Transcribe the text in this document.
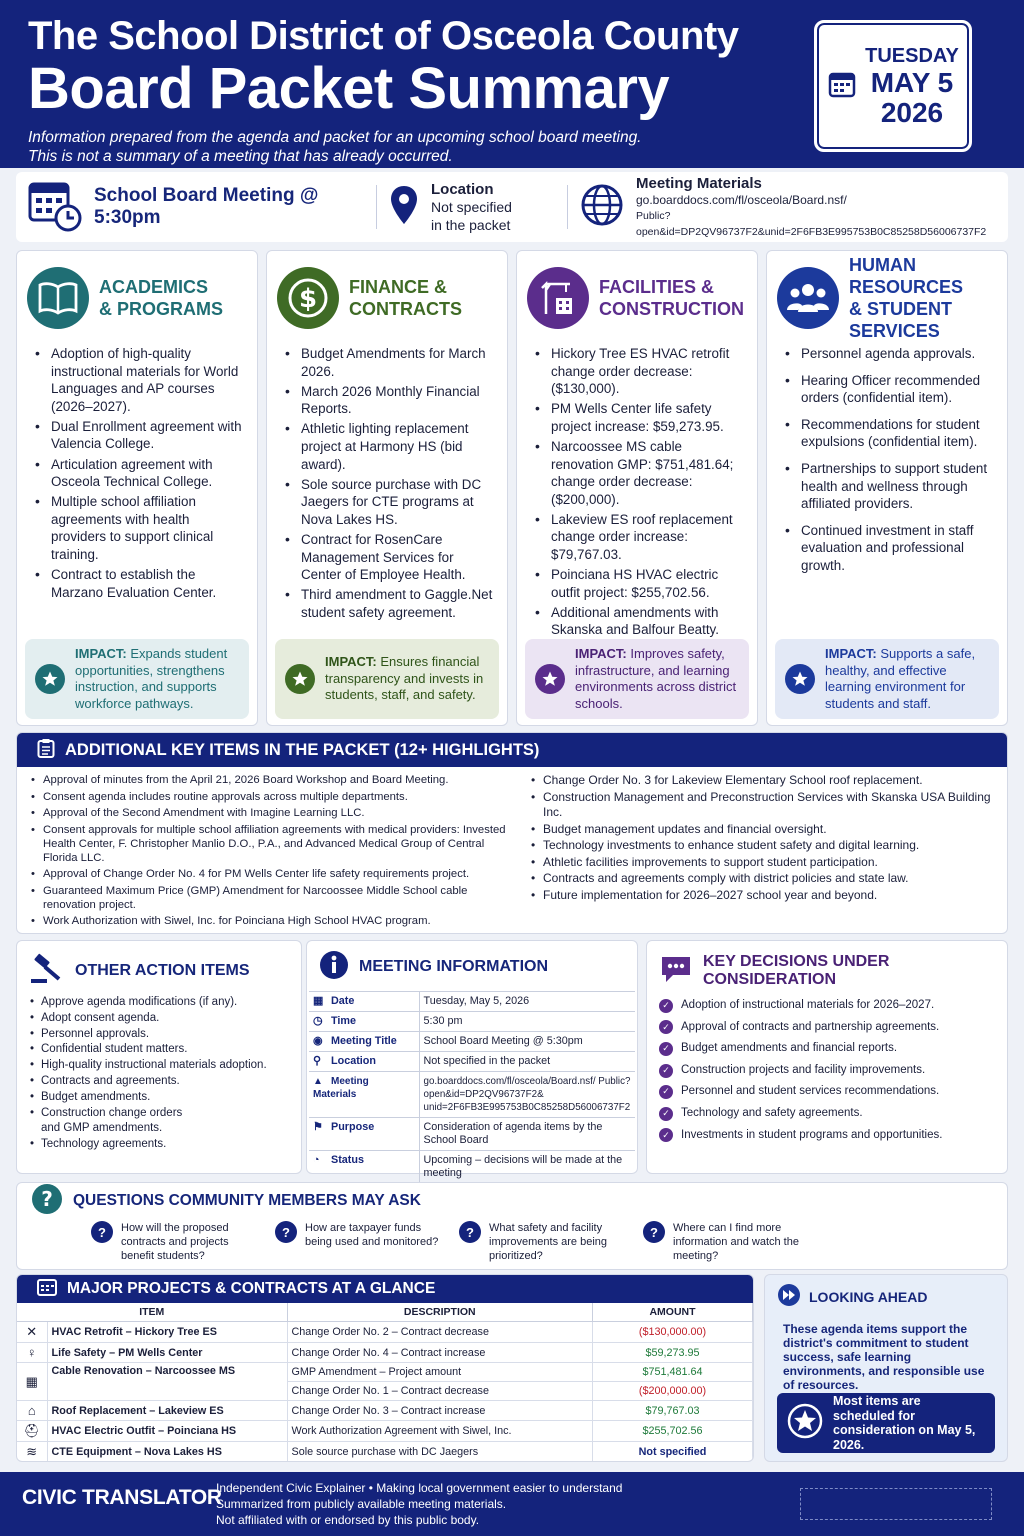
The School District of Osceola County
Board Packet Summary
Information prepared from the agenda and packet for an upcoming school board meeting.
This is not a summary of a meeting that has already occurred.
TUESDAY
MAY 5
2026
School Board Meeting @ 5:30pm
Location
Not specified
in the packet
Meeting Materials
go.boarddocs.com/fl/osceola/Board.nsf/
Public?open&id=DP2QV96737F2&unid=2F6FB3E995753B0C85258D56006737F2
ACADEMICS
& PROGRAMS
• Adoption of high-quality instructional materials for World Languages and AP courses (2026–2027).
• Dual Enrollment agreement with Valencia College.
• Articulation agreement with Osceola Technical College.
• Multiple school affiliation agreements with health providers to support clinical training.
• Contract to establish the Marzano Evaluation Center.
IMPACT: Expands student opportunities, strengthens instruction, and supports workforce pathways.
$ FINANCE &
CONTRACTS
• Budget Amendments for March 2026.
• March 2026 Monthly Financial Reports.
• Athletic lighting replacement project at Harmony HS (bid award).
• Sole source purchase with DC Jaegers for CTE programs at Nova Lakes HS.
• Contract for RosenCare Management Services for Center of Employee Health.
• Third amendment to Gaggle.Net student safety agreement.
IMPACT: Ensures financial transparency and invests in students, staff, and safety.
FACILITIES &
CONSTRUCTION
• Hickory Tree ES HVAC retrofit change order decrease: ($130,000).
• PM Wells Center life safety project increase: $59,273.95.
• Narcoossee MS cable renovation GMP: $751,481.64; change order decrease: ($200,000).
• Lakeview ES roof replacement change order increase: $79,767.03.
• Poinciana HS HVAC electric outfit project: $255,702.56.
• Additional amendments with Skanska and Balfour Beatty.
IMPACT: Improves safety, infrastructure, and learning environments across district schools.
HUMAN RESOURCES
& STUDENT SERVICES
• Personnel agenda approvals.
• Hearing Officer recommended orders (confidential item).
• Recommendations for student expulsions (confidential item).
• Partnerships to support student health and wellness through affiliated providers.
• Continued investment in staff evaluation and professional growth.
IMPACT: Supports a safe, healthy, and effective learning environment for students and staff.
ADDITIONAL KEY ITEMS IN THE PACKET (12+ HIGHLIGHTS)
• Approval of minutes from the April 21, 2026 Board Workshop and Board Meeting.
• Consent agenda includes routine approvals across multiple departments.
• Approval of the Second Amendment with Imagine Learning LLC.
• Consent approvals for multiple school affiliation agreements with medical providers: Invested Health Center, F. Christopher Manlio D.O., P.A., and Advanced Medical Group of Central Florida LLC.
• Approval of Change Order No. 4 for PM Wells Center life safety requirements project.
• Guaranteed Maximum Price (GMP) Amendment for Narcoossee Middle School cable renovation project.
• Work Authorization with Siwel, Inc. for Poinciana High School HVAC program.
• Change Order No. 3 for Lakeview Elementary School roof replacement.
• Construction Management and Preconstruction Services with Skanska USA Building Inc.
• Budget management updates and financial oversight.
• Technology investments to enhance student safety and digital learning.
• Athletic facilities improvements to support student participation.
• Contracts and agreements comply with district policies and state law.
• Future implementation for 2026–2027 school year and beyond.
OTHER ACTION ITEMS
• Approve agenda modifications (if any).
• Adopt consent agenda.
• Personnel approvals.
• Confidential student matters.
• High-quality instructional materials adoption.
• Contracts and agreements.
• Budget amendments.
• Construction change orders and GMP amendments.
• Technology agreements.
MEETING INFORMATION
▦ Date	Tuesday, May 5, 2026
◷ Time	5:30 pm
◉ Meeting Title	School Board Meeting @ 5:30pm
⚲ Location	Not specified in the packet
▲ Meeting Materials	go.boarddocs.com/fl/osceola/Board.nsf/ Public?open&id=DP2QV96737F2& unid=2F6FB3E995753B0C85258D56006737F2
⚑ Purpose	Consideration of agenda items by the School Board
◔ Status	Upcoming – decisions will be made at the meeting
KEY DECISIONS UNDER CONSIDERATION
✓ Adoption of instructional materials for 2026–2027.
✓ Approval of contracts and partnership agreements.
✓ Budget amendments and financial reports.
✓ Construction projects and facility improvements.
✓ Personnel and student services recommendations.
✓ Technology and safety agreements.
✓ Investments in student programs and opportunities.
? QUESTIONS COMMUNITY MEMBERS MAY ASK
?	How will the proposed contracts and projects benefit students?
?	How are taxpayer funds being used and monitored?
?	What safety and facility improvements are being prioritized?
?	Where can I find more information and watch the meeting?
MAJOR PROJECTS & CONTRACTS AT A GLANCE
ITEM		DESCRIPTION	AMOUNT
✕	HVAC Retrofit – Hickory Tree ES	Change Order No. 2 – Contract decrease	($130,000.00)
♀	Life Safety – PM Wells Center	Change Order No. 4 – Contract increase	$59,273.95
▦	Cable Renovation – Narcoossee MS	GMP Amendment – Project amount	$751,481.64
		Change Order No. 1 – Contract decrease	($200,000.00)
⌂	Roof Replacement – Lakeview ES	Change Order No. 3 – Contract increase	$79,767.03
⛑	HVAC Electric Outfit – Poinciana HS	Work Authorization Agreement with Siwel, Inc.	$255,702.56
≋	CTE Equipment – Nova Lakes HS	Sole source purchase with DC Jaegers	Not specified
LOOKING AHEAD
These agenda items support the district's commitment to student success, safe learning environments, and responsible use of resources.
Most items are scheduled for consideration on May 5, 2026.
CIVIC TRANSLATOR
Independent Civic Explainer • Making local government easier to understand
Summarized from publicly available meeting materials.
Not affiliated with or endorsed by this public body.
